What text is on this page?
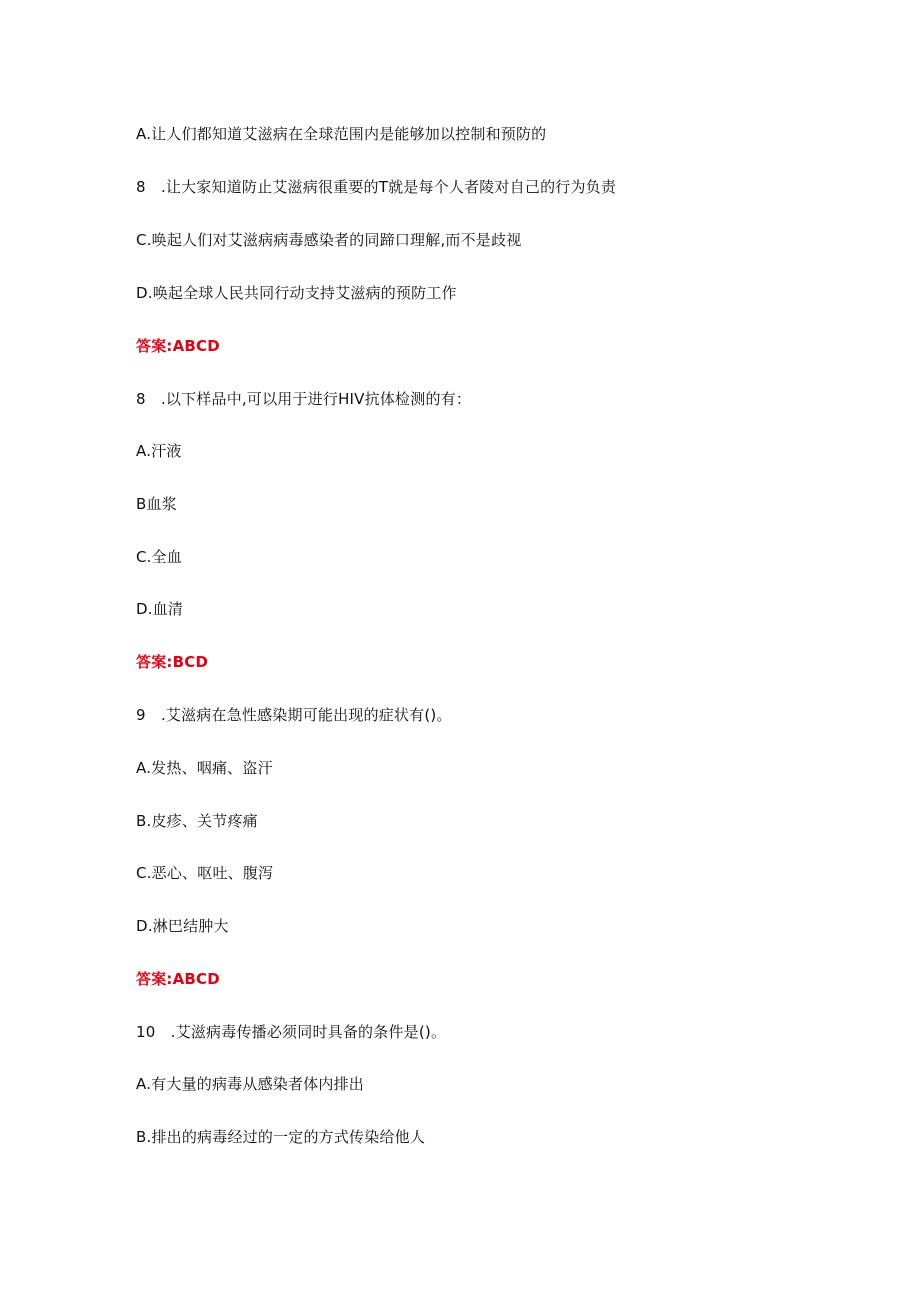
A.让人们都知道艾滋病在全球范围内是能够加以控制和预防的
8　.让大家知道防止艾滋病很重要的T就是每个人者陵对自己的行为负责
C.唤起人们对艾滋病病毒感染者的同蹄口理解,而不是歧视
D.唤起全球人民共同行动支持艾滋病的预防工作
答案:ABCD
8　.以下样品中,可以用于进行HIV抗体检测的有：
A.汗液
B血浆
C.全血
D.血清
答案:BCD
9　.艾滋病在急性感染期可能出现的症状有()。
A.发热、咽痛、盗汗
B.皮疹、关节疼痛
C.恶心、呕吐、腹泻
D.淋巴结肿大
答案:ABCD
10　.艾滋病毒传播必须同时具备的条件是()。
A.有大量的病毒从感染者体内排出
B.排出的病毒经过的一定的方式传染给他人
